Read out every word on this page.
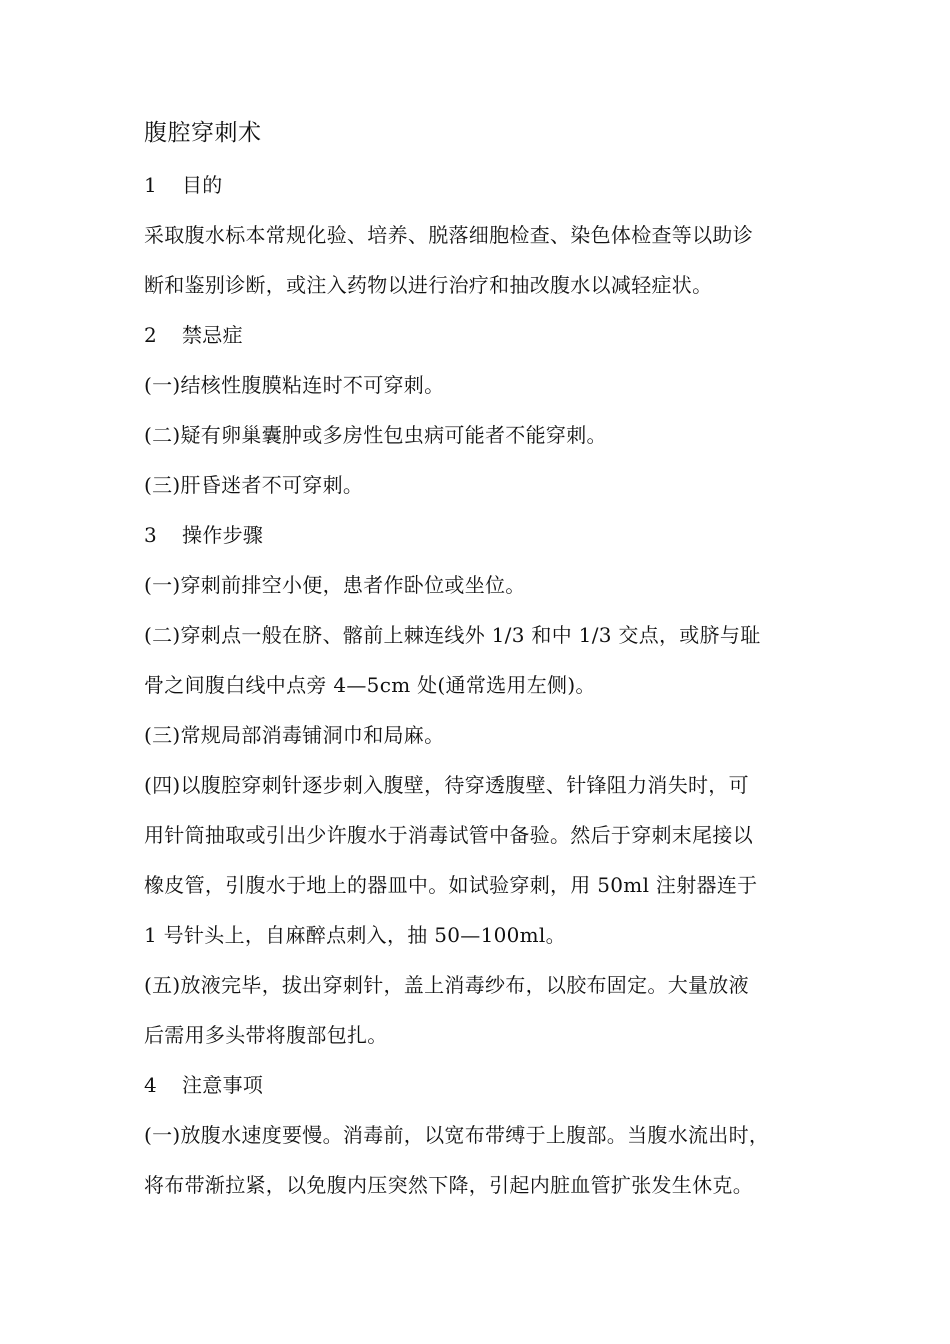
腹腔穿刺术

1 目的

采取腹水标本常规化验、培养、脱落细胞检查、染色体检查等以助诊

断和鉴别诊断，或注入药物以进行治疗和抽改腹水以减轻症状。

2 禁忌症

(一)结核性腹膜粘连时不可穿刺。

(二)疑有卵巢囊肿或多房性包虫病可能者不能穿刺。

(三)肝昏迷者不可穿刺。

3 操作步骤

(一)穿刺前排空小便，患者作卧位或坐位。

(二)穿刺点一般在脐、髂前上棘连线外 1/3 和中 1/3 交点，或脐与耻

骨之间腹白线中点旁 4—5cm 处(通常选用左侧)。

(三)常规局部消毒铺洞巾和局麻。

(四)以腹腔穿刺针逐步刺入腹壁，待穿透腹壁、针锋阻力消失时，可

用针筒抽取或引出少许腹水于消毒试管中备验。然后于穿刺末尾接以

橡皮管，引腹水于地上的器皿中。如试验穿刺，用 50ml 注射器连于

1 号针头上，自麻醉点刺入，抽 50—100ml。

(五)放液完毕，拔出穿刺针，盖上消毒纱布，以胶布固定。大量放液

后需用多头带将腹部包扎。

4 注意事项

(一)放腹水速度要慢。消毒前，以宽布带缚于上腹部。当腹水流出时，

将布带渐拉紧，以免腹内压突然下降，引起内脏血管扩张发生休克。
